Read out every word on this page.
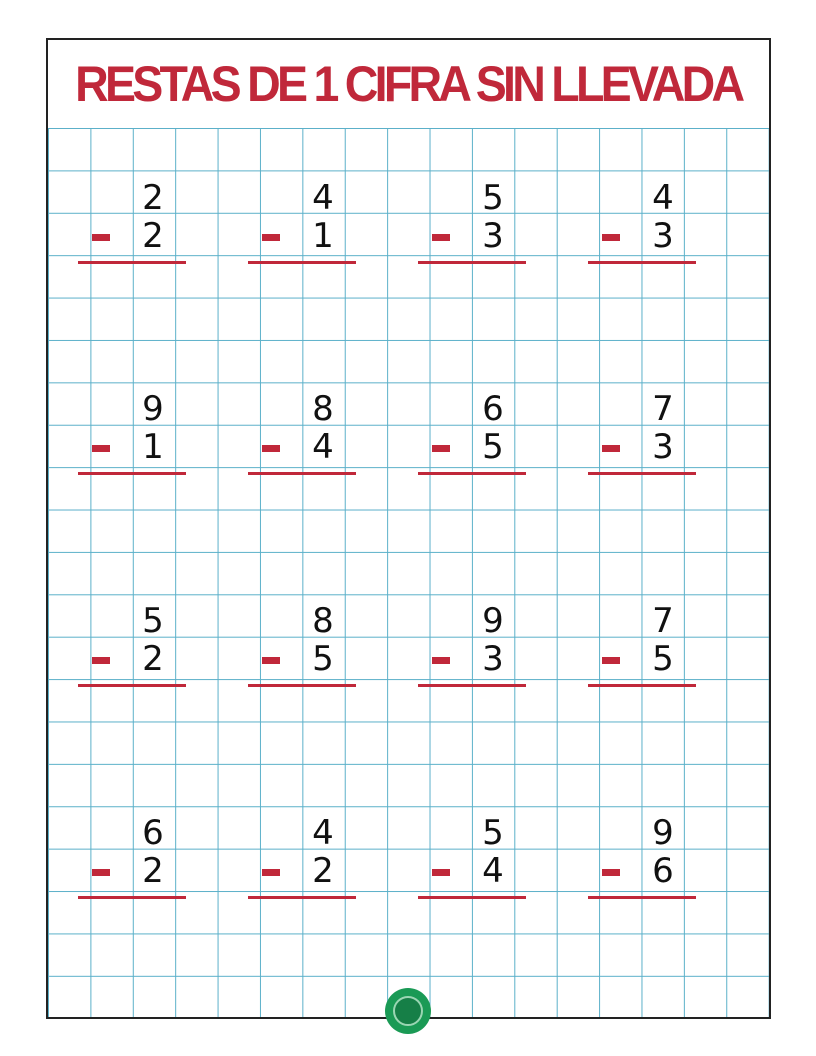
RESTAS DE 1 CIFRA SIN LLEVADA
2
2
4
1
5
3
4
3
9
1
8
4
6
5
7
3
5
2
8
5
9
3
7
5
6
2
4
2
5
4
9
6
